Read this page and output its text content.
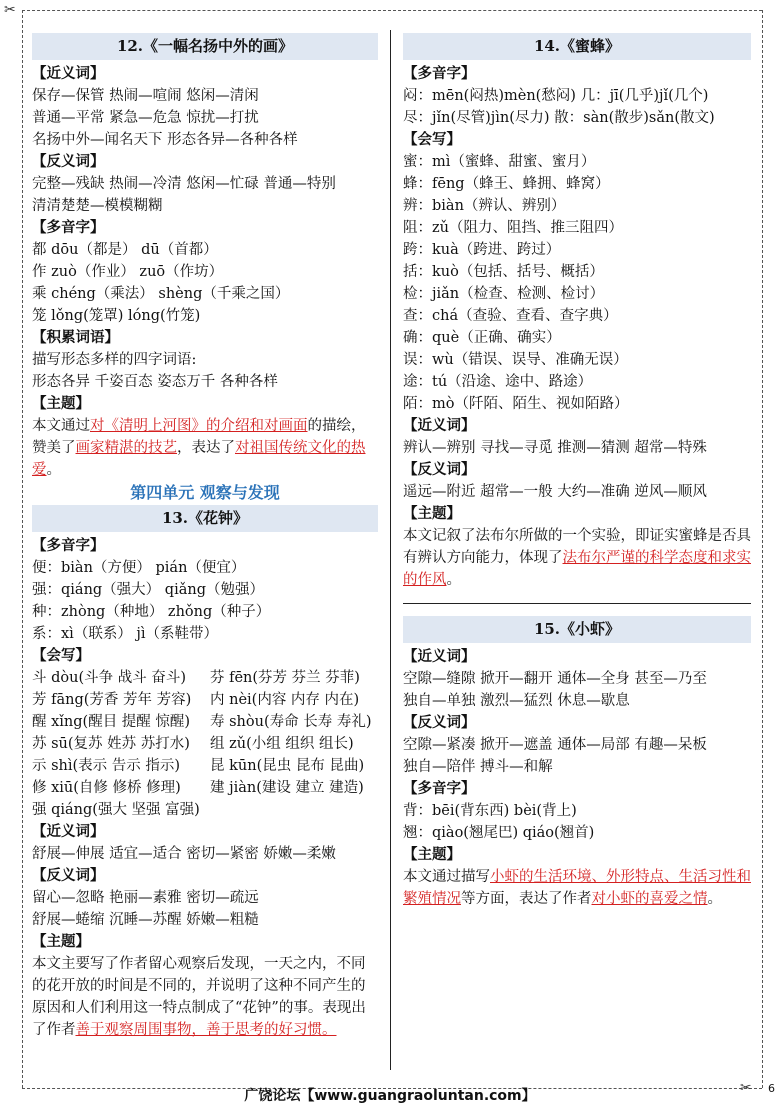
✂
✂
12.《一幅名扬中外的画》
【近义词】
保存—保管 热闹—喧闹 悠闲—清闲
普通—平常 紧急—危急 惊扰—打扰
名扬中外—闻名天下 形态各异—各种各样
【反义词】
完整—残缺 热闹—冷清 悠闲—忙碌 普通—特别
清清楚楚—模模糊糊
【多音字】
都 dōu（都是） dū（首都）
作 zuò（作业） zuō（作坊）
乘 chéng（乘法） shèng（千乘之国）
笼 lǒng(笼罩) lóng(竹笼)
【积累词语】
描写形态多样的四字词语:
形态各异 千姿百态 姿态万千 各种各样
【主题】
本文通过对《清明上河图》的介绍和对画面的描绘，赞美了画家精湛的技艺，表达了对祖国传统文化的热爱。
第四单元 观察与发现
13.《花钟》
【多音字】
便：biàn（方便） pián（便宜）
强：qiáng（强大） qiǎng（勉强）
种：zhòng（种地） zhǒng（种子）
系：xì（联系） jì（系鞋带）
【会写】
斗 dòu(斗争 战斗 奋斗) 芬 fēn(芬芳 芬兰 芬菲)
芳 fāng(芳香 芳年 芳容) 内 nèi(内容 内存 内在)
醒 xǐng(醒目 提醒 惊醒) 寿 shòu(寿命 长寿 寿礼)
苏 sū(复苏 姓苏 苏打水) 组 zǔ(小组 组织 组长)
示 shì(表示 告示 指示) 昆 kūn(昆虫 昆布 昆曲)
修 xiū(自修 修桥 修理) 建 jiàn(建设 建立 建造)
强 qiáng(强大 坚强 富强)
【近义词】
舒展—伸展 适宜—适合 密切—紧密 娇嫩—柔嫩
【反义词】
留心—忽略 艳丽—素雅 密切—疏远
舒展—蜷缩 沉睡—苏醒 娇嫩—粗糙
【主题】
本文主要写了作者留心观察后发现，一天之内，不同的花开放的时间是不同的，并说明了这种不同产生的原因和人们利用这一特点制成了“花钟”的事。表现出了作者善于观察周围事物，善于思考的好习惯。
14.《蜜蜂》
【多音字】
闷：mēn(闷热)mèn(愁闷) 几：jī(几乎)jǐ(几个)
尽：jǐn(尽管)jìn(尽力) 散：sàn(散步)sǎn(散文)
【会写】
蜜：mì（蜜蜂、甜蜜、蜜月）
蜂：fēng（蜂王、蜂拥、蜂窝）
辨：biàn（辨认、辨别）
阻：zǔ（阻力、阻挡、推三阻四）
跨：kuà（跨进、跨过）
括：kuò（包括、括号、概括）
检：jiǎn（检查、检测、检讨）
查：chá（查验、查看、查字典）
确：què（正确、确实）
误：wù（错误、误导、准确无误）
途：tú（沿途、途中、路途）
陌：mò（阡陌、陌生、视如陌路）
【近义词】
辨认—辨别 寻找—寻觅 推测—猜测 超常—特殊
【反义词】
遥远—附近 超常—一般 大约—准确 逆风—顺风
【主题】
本文记叙了法布尔所做的一个实验，即证实蜜蜂是否具有辨认方向能力，体现了法布尔严谨的科学态度和求实的作风。
15.《小虾》
【近义词】
空隙—缝隙 掀开—翻开 通体—全身 甚至—乃至
独自—单独 激烈—猛烈 休息—歇息
【反义词】
空隙—紧凑 掀开—遮盖 通体—局部 有趣—呆板
独自—陪伴 搏斗—和解
【多音字】
背：bēi(背东西) bèi(背上)
翘：qiào(翘尾巴) qiáo(翘首)
【主题】
本文通过描写小虾的生活环境、外形特点、生活习性和繁殖情况等方面，表达了作者对小虾的喜爱之情。
广饶论坛【www.guangraoluntan.com】	6
